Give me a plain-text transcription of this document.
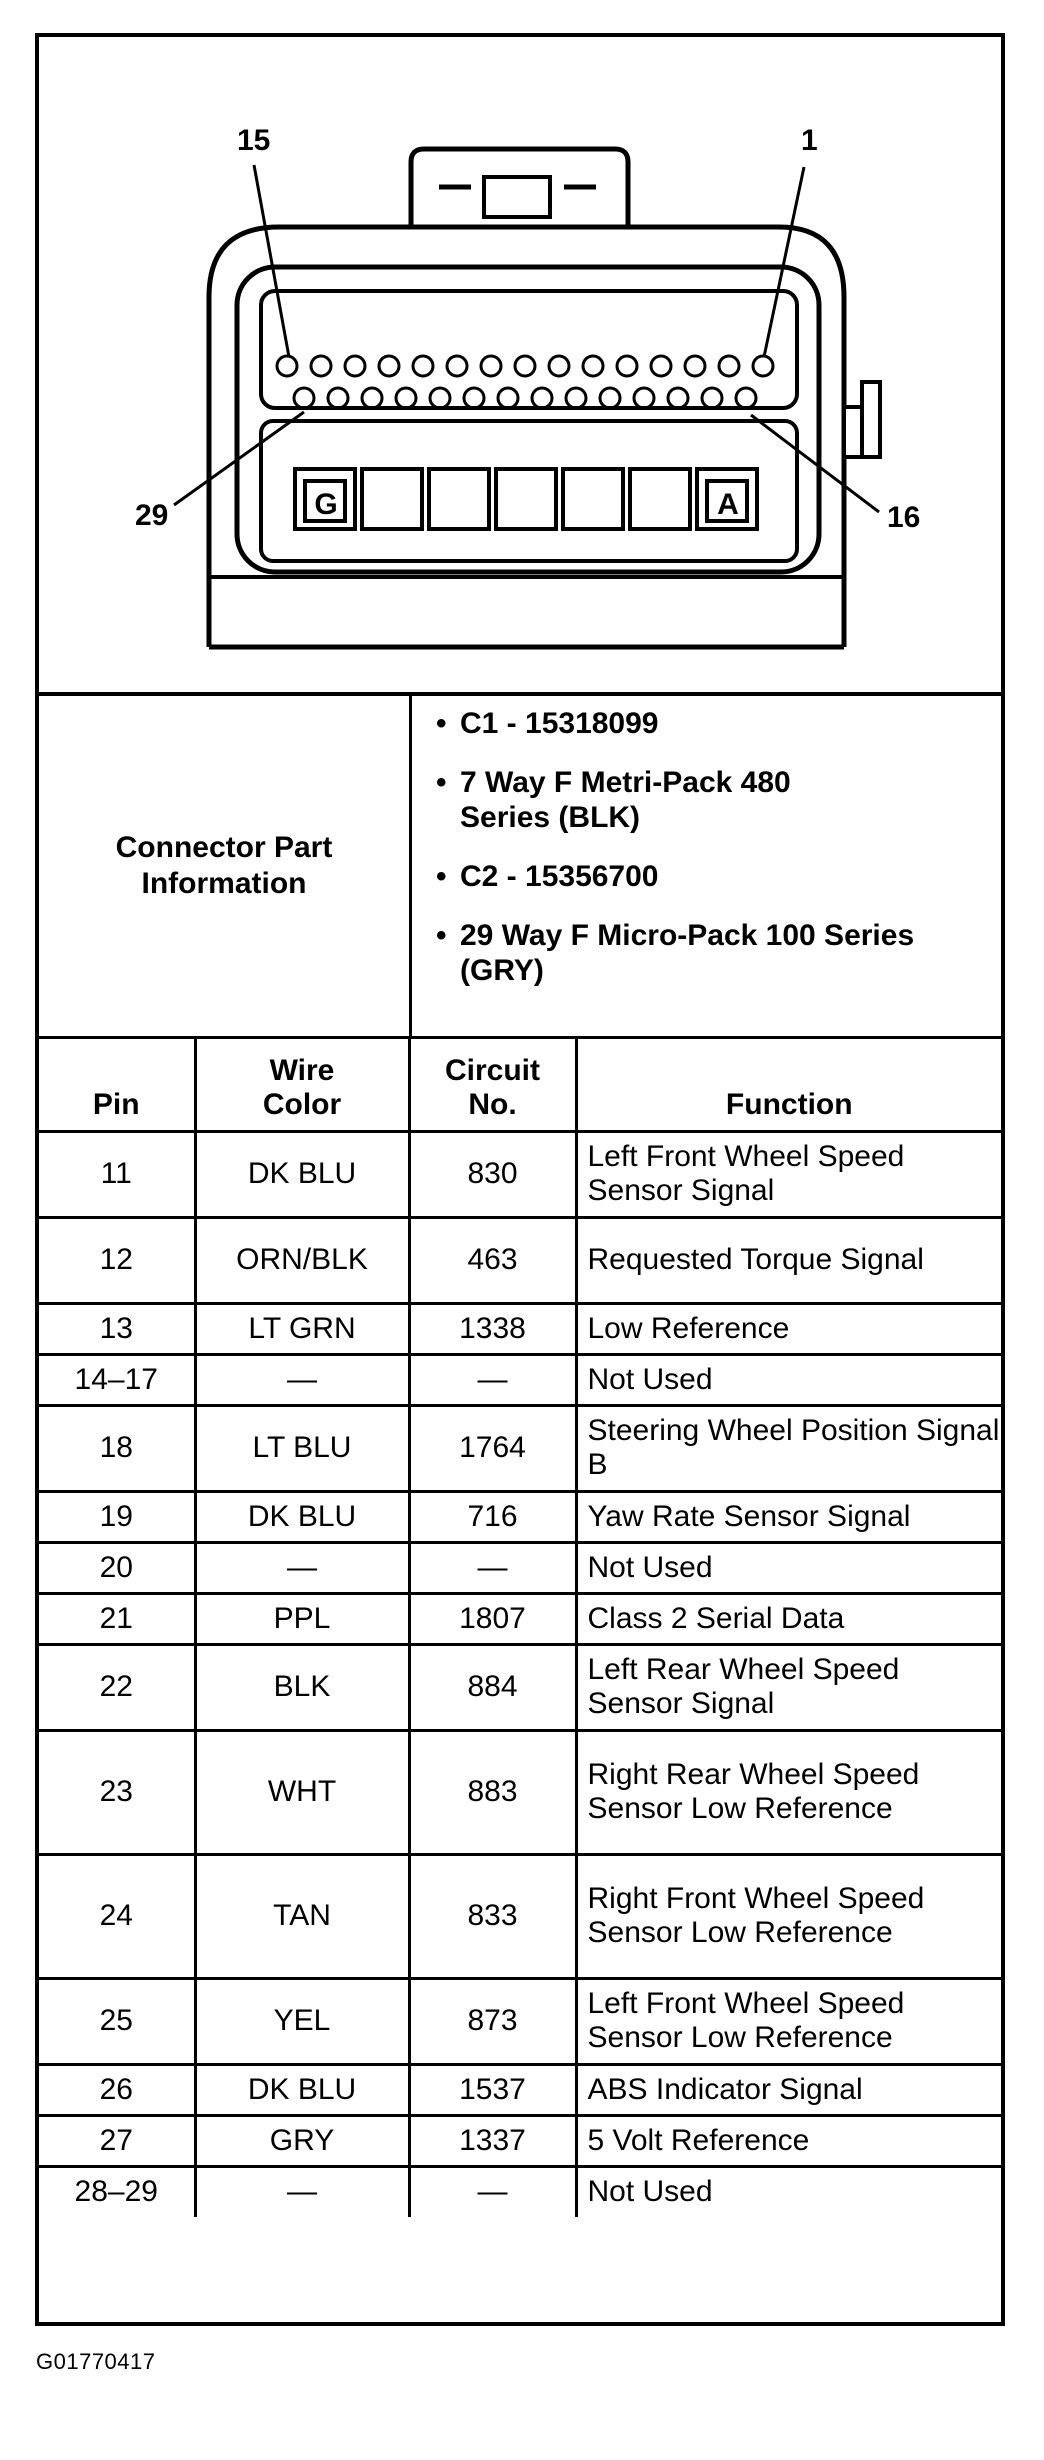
G	A
15	1
29	16
Connector Part Information
• C1 - 15318099
• 7 Way F Metri-Pack 480 Series (BLK)
• C2 - 15356700
• 29 Way F Micro-Pack 100 Series (GRY)
Pin	Wire Color	Circuit No.	Function
11	DK BLU	830	Left Front Wheel Speed Sensor Signal
12	ORN/BLK	463	Requested Torque Signal
13	LT GRN	1338	Low Reference
14–17	—	—	Not Used
18	LT BLU	1764	Steering Wheel Position Signal B
19	DK BLU	716	Yaw Rate Sensor Signal
20	—	—	Not Used
21	PPL	1807	Class 2 Serial Data
22	BLK	884	Left Rear Wheel Speed Sensor Signal
23	WHT	883	Right Rear Wheel Speed Sensor Low Reference
24	TAN	833	Right Front Wheel Speed Sensor Low Reference
25	YEL	873	Left Front Wheel Speed Sensor Low Reference
26	DK BLU	1537	ABS Indicator Signal
27	GRY	1337	5 Volt Reference
28–29	—	—	Not Used
G01770417
